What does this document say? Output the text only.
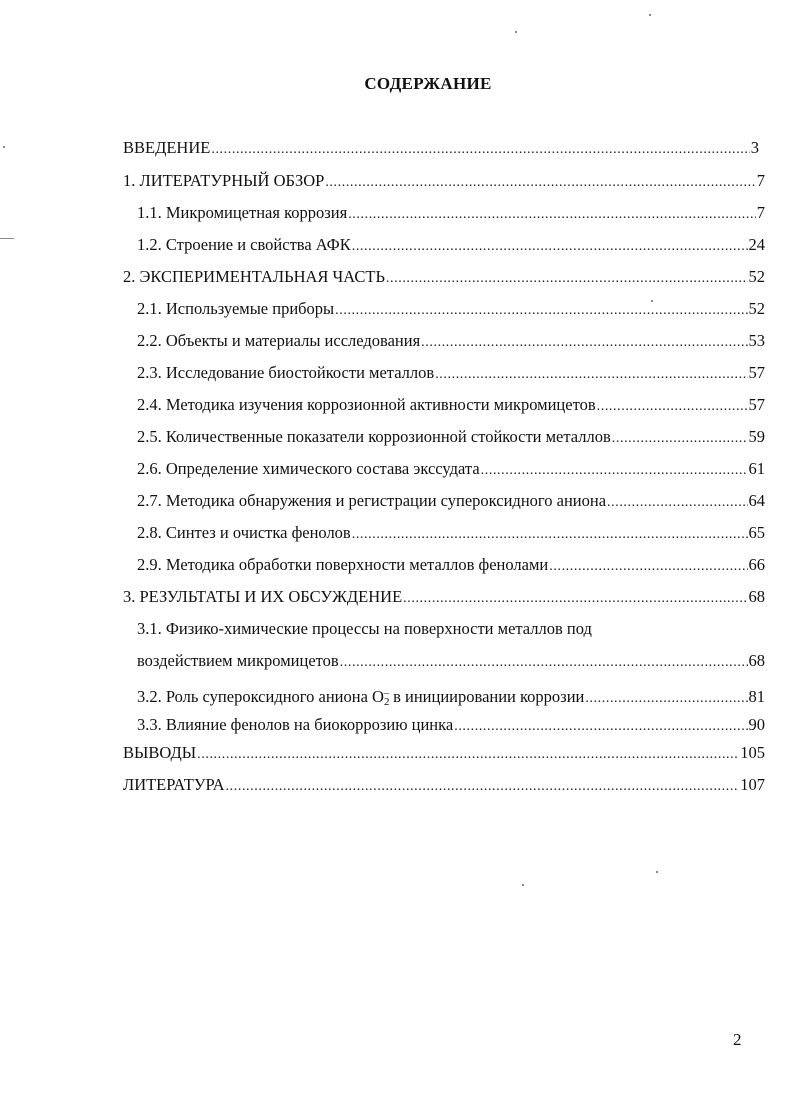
СОДЕРЖАНИЕ
ВВЕДЕНИЕ .....	3
1. ЛИТЕРАТУРНЫЙ ОБЗОР .....	7
1.1. Микромицетная коррозия .....	7
1.2. Строение и свойства АФК .....	24
2. ЭКСПЕРИМЕНТАЛЬНАЯ ЧАСТЬ .....	52
2.1. Используемые приборы .....	52
2.2. Объекты и материалы исследования .....	53
2.3. Исследование биостойкости металлов .....	57
2.4. Методика изучения коррозионной активности микромицетов .....	57
2.5. Количественные показатели коррозионной стойкости металлов .....	59
2.6. Определение химического состава экссудата .....	61
2.7. Методика обнаружения и регистрации супероксидного аниона .....	64
2.8. Синтез и очистка фенолов .....	65
2.9. Методика обработки поверхности металлов фенолами .....	66
3. РЕЗУЛЬТАТЫ И ИХ ОБСУЖДЕНИЕ .....	68
3.1. Физико-химические процессы на поверхности металлов под
воздействием микромицетов .....	68
3.2. Роль супероксидного аниона $O_2^-$ в инициировании коррозии .....	81
3.3. Влияние фенолов на биокоррозию цинка .....	90
ВЫВОДЫ .....	105
ЛИТЕРАТУРА .....	107
2
